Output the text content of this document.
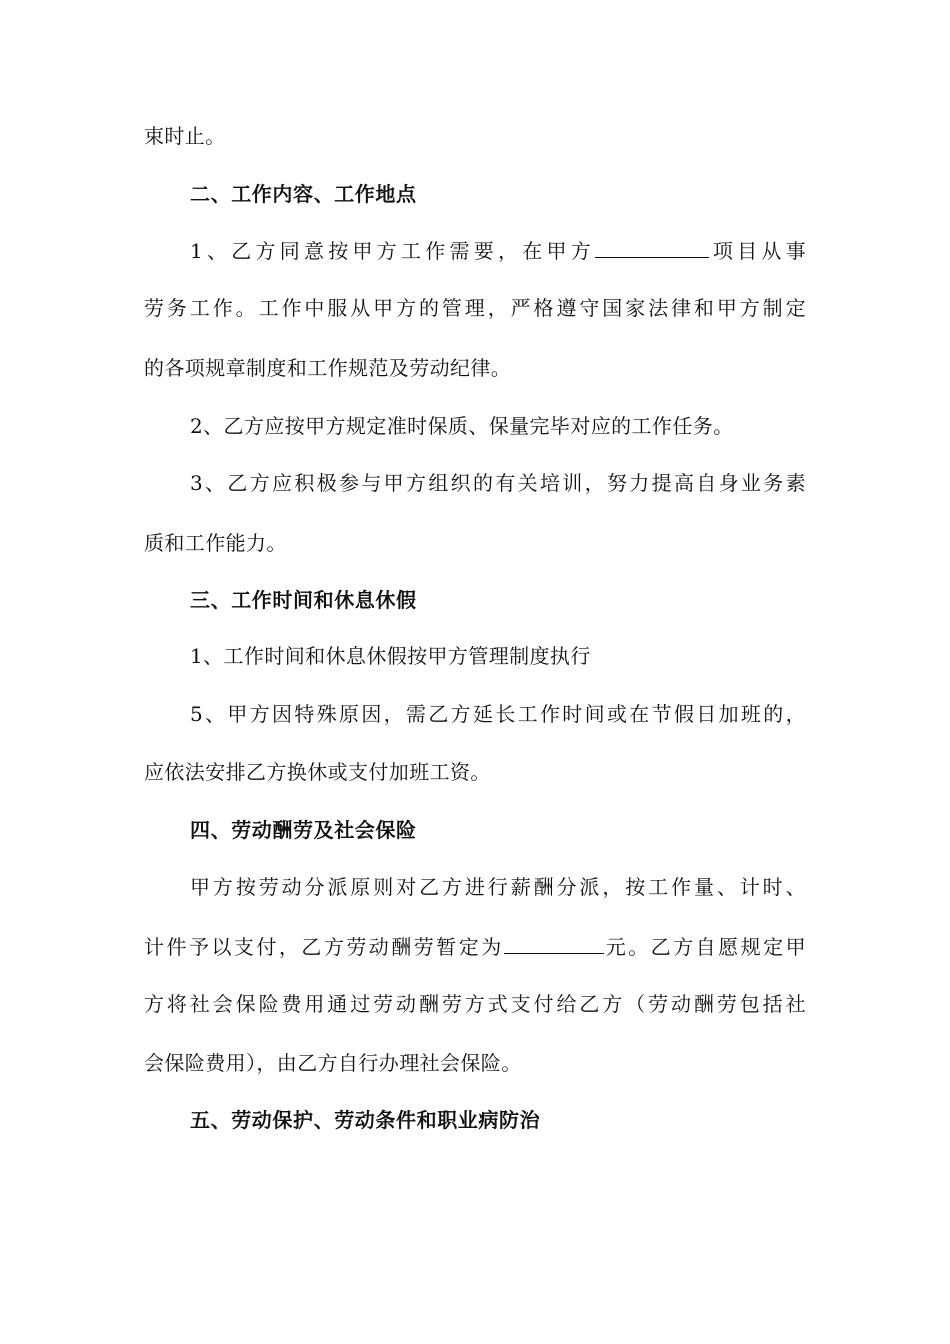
束时止。
二、工作内容、工作地点
1、乙方同意按甲方工作需要，在甲方	项目从事
劳务工作。工作中服从甲方的管理，严格遵守国家法律和甲方制定
的各项规章制度和工作规范及劳动纪律。
2、乙方应按甲方规定准时保质、保量完毕对应的工作任务。
3、乙方应积极参与甲方组织的有关培训，努力提高自身业务素
质和工作能力。
三、工作时间和休息休假
1、工作时间和休息休假按甲方管理制度执行
5、甲方因特殊原因，需乙方延长工作时间或在节假日加班的，
应依法安排乙方换休或支付加班工资。
四、劳动酬劳及社会保险
甲方按劳动分派原则对乙方进行薪酬分派，按工作量、计时、
计件予以支付，乙方劳动酬劳暂定为	元。乙方自愿规定甲
方将社会保险费用通过劳动酬劳方式支付给乙方（劳动酬劳包括社
会保险费用），由乙方自行办理社会保险。
五、劳动保护、劳动条件和职业病防治
